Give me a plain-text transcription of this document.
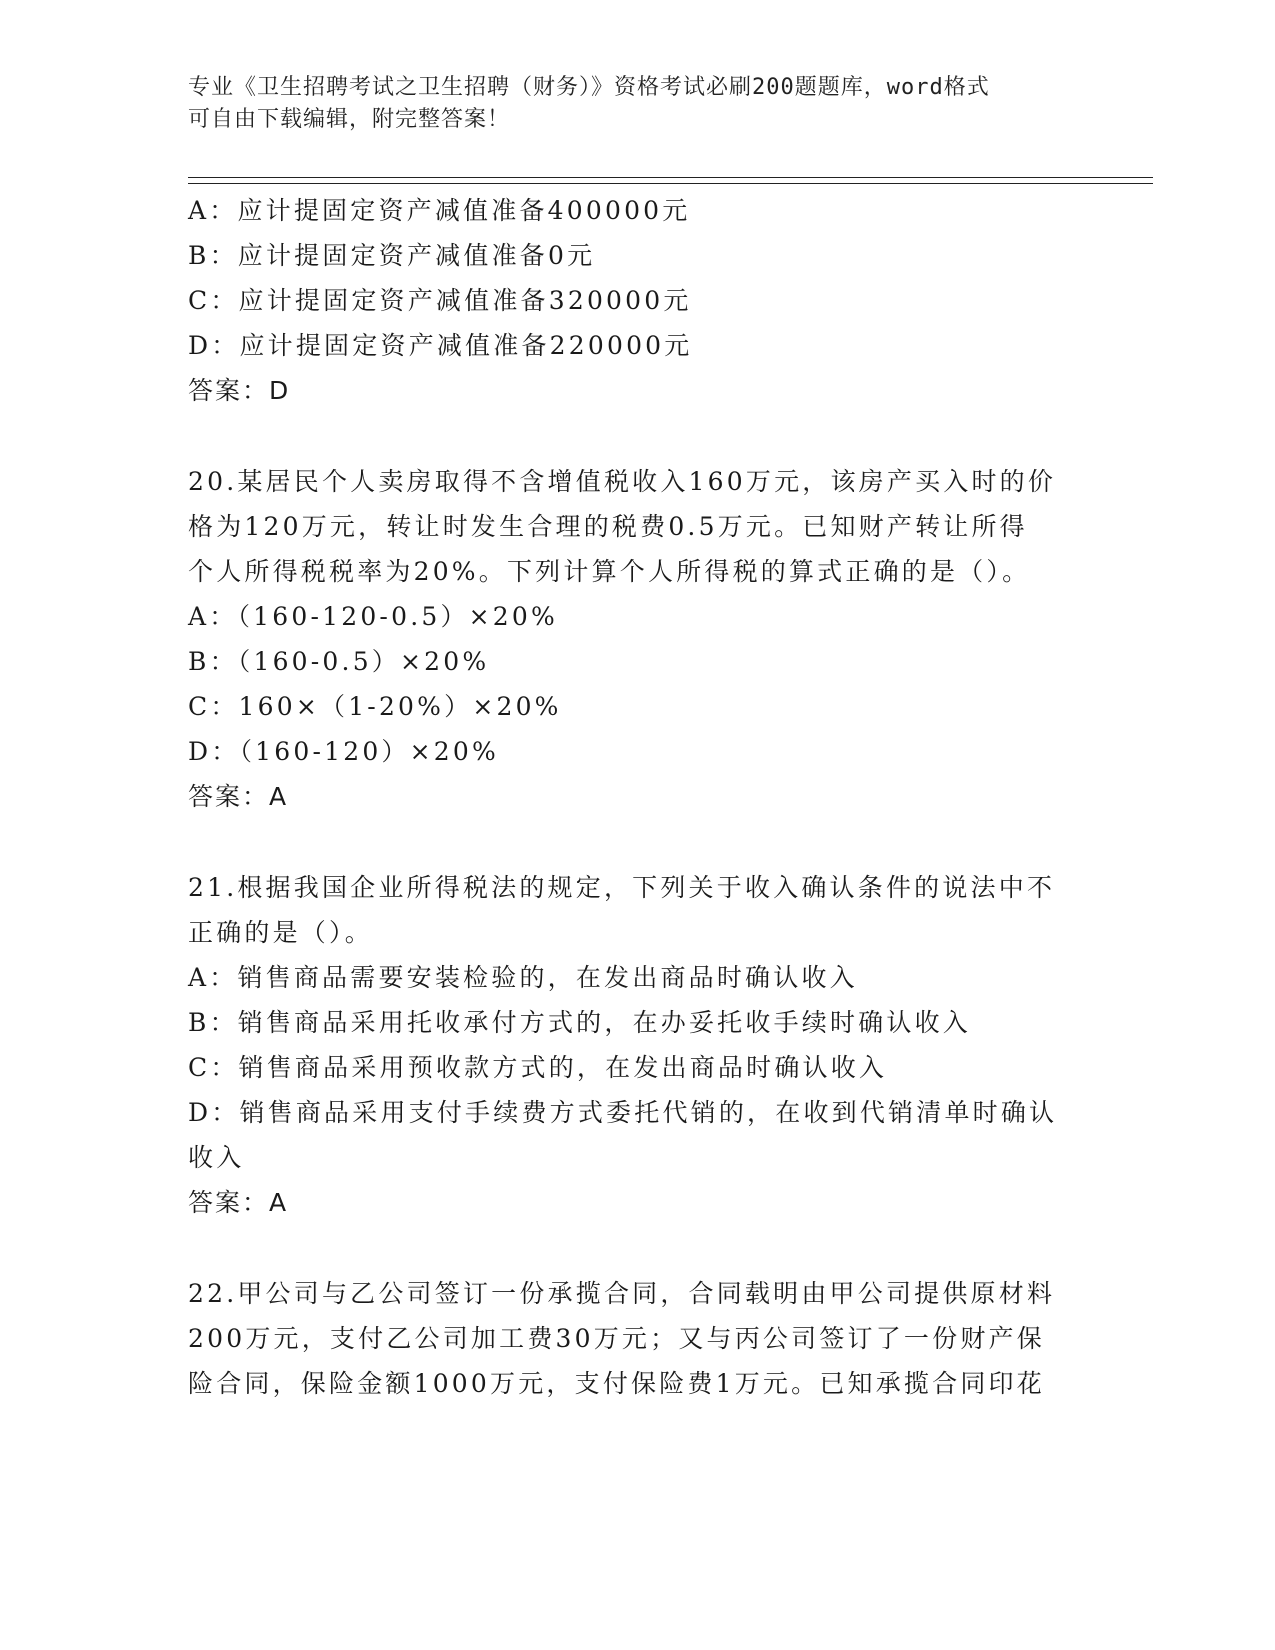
专业《卫生招聘考试之卫生招聘（财务）》资格考试必刷200题题库，word格式
可自由下载编辑，附完整答案！
A：应计提固定资产减值准备400000元
B：应计提固定资产减值准备0元
C：应计提固定资产减值准备320000元
D：应计提固定资产减值准备220000元
答案：D
20.某居民个人卖房取得不含增值税收入160万元，该房产买入时的价
格为120万元，转让时发生合理的税费0.5万元。已知财产转让所得
个人所得税税率为20%。下列计算个人所得税的算式正确的是（）。
A：（160-120-0.5）×20%
B：（160-0.5）×20%
C：160×（1-20%）×20%
D：（160-120）×20%
答案：A
21.根据我国企业所得税法的规定，下列关于收入确认条件的说法中不
正确的是（）。
A：销售商品需要安装检验的，在发出商品时确认收入
B：销售商品采用托收承付方式的，在办妥托收手续时确认收入
C：销售商品采用预收款方式的，在发出商品时确认收入
D：销售商品采用支付手续费方式委托代销的，在收到代销清单时确认
收入
答案：A
22.甲公司与乙公司签订一份承揽合同，合同载明由甲公司提供原材料
200万元，支付乙公司加工费30万元；又与丙公司签订了一份财产保
险合同，保险金额1000万元，支付保险费1万元。已知承揽合同印花
